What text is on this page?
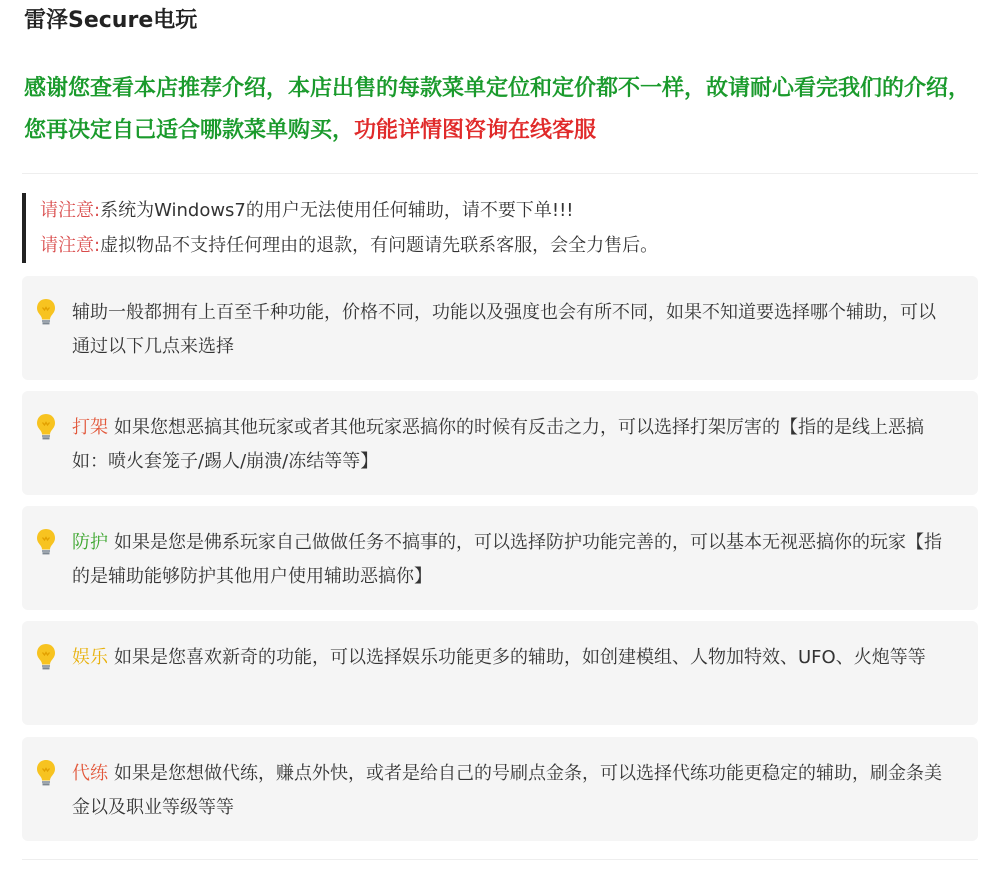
雷泽Secure电玩
感谢您查看本店推荐介绍，本店出售的每款菜单定位和定价都不一样，故请耐心看完我们的介绍，您再决定自己适合哪款菜单购买，功能详情图咨询在线客服
请注意:系统为Windows7的用户无法使用任何辅助，请不要下单!!!
请注意:虚拟物品不支持任何理由的退款，有问题请先联系客服，会全力售后。
辅助一般都拥有上百至千种功能，价格不同，功能以及强度也会有所不同，如果不知道要选择哪个辅助，可以通过以下几点来选择
打架 如果您想恶搞其他玩家或者其他玩家恶搞你的时候有反击之力，可以选择打架厉害的【指的是线上恶搞如：喷火套笼子/踢人/崩溃/冻结等等】
防护 如果是您是佛系玩家自己做做任务不搞事的，可以选择防护功能完善的，可以基本无视恶搞你的玩家【指的是辅助能够防护其他用户使用辅助恶搞你】
娱乐 如果是您喜欢新奇的功能，可以选择娱乐功能更多的辅助，如创建模组、人物加特效、UFO、火炮等等
代练 如果是您想做代练，赚点外快，或者是给自己的号刷点金条，可以选择代练功能更稳定的辅助，刷金条美金以及职业等级等等
